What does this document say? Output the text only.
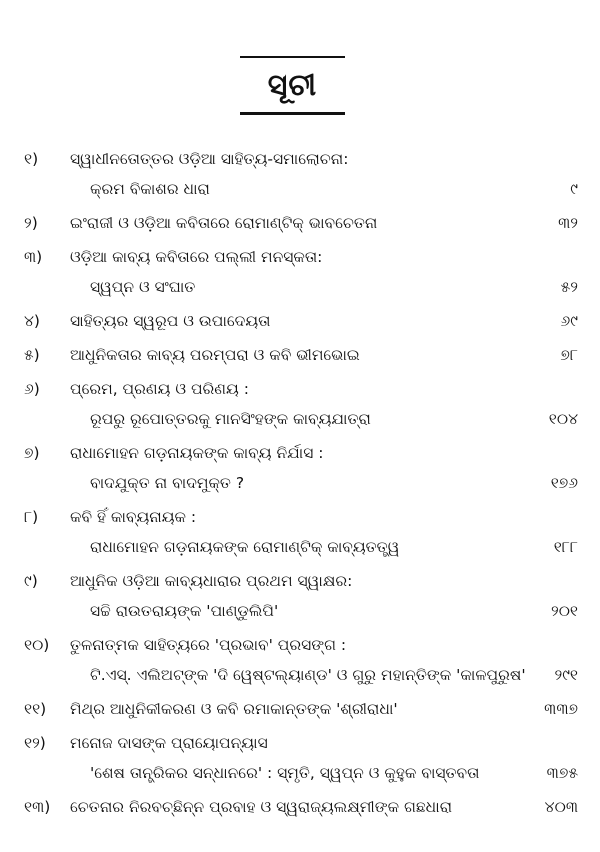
ସୂଚୀ
୧)	ସ୍ୱାଧୀନତୋତ୍ତର ଓଡ଼ିଆ ସାହିତ୍ୟ-ସମାଲୋଚନା:
କ୍ରମ ବିକାଶର ଧାରା	୯
୨)	ଇଂରାଜୀ ଓ ଓଡ଼ିଆ କବିତାରେ ରୋମାଣ୍ଟିକ୍ ଭାବଚେତନା	୩୨
୩)	ଓଡ଼ିଆ କାବ୍ୟ କବିତାରେ ପଲ୍ଲୀ ମନସ୍କତା:
ସ୍ୱପ୍ନ ଓ ସଂଘାତ	୫୨
୪)	ସାହିତ୍ୟର ସ୍ୱରୂପ ଓ ଉପାଦେୟତା	୬୯
୫)	ଆଧୁନିକତାର କାବ୍ୟ ପରମ୍ପରା ଓ କବି ଭୀମଭୋଇ	୭୮
୬)	ପ୍ରେମ, ପ୍ରଣୟ ଓ ପରିଣୟ :
ରୂପରୁ ରୂପୋତ୍ତରକୁ ମାନସିଂହଙ୍କ କାବ୍ୟଯାତ୍ରା	୧୦୪
୭)	ରାଧାମୋହନ ଗଡ଼ନାୟକଙ୍କ କାବ୍ୟ ନିର୍ଯାସ :
ବାଦଯୁକ୍ତ ନା ବାଦମୁକ୍ତ ?	୧୭୬
୮)	କବି ହିଁ କାବ୍ୟନାୟକ :
ରାଧାମୋହନ ଗଡ଼ନାୟକଙ୍କ ରୋମାଣ୍ଟିକ୍ କାବ୍ୟତତ୍ତ୍ୱ	୧୮୮
୯)	ଆଧୁନିକ ଓଡ଼ିଆ କାବ୍ୟଧାରାର ପ୍ରଥମ ସ୍ୱାକ୍ଷର:
ସଚ୍ଚି ରାଉତରାୟଙ୍କ 'ପାଣ୍ଡୁଲିପି'	୨୦୧
୧୦)	ତୁଳନାତ୍ମକ ସାହିତ୍ୟରେ 'ପ୍ରଭାବ' ପ୍ରସଙ୍ଗ :
ଟି.ଏସ୍. ଏଲିଅଟ୍‌ଙ୍କ 'ଦି ୱେଷ୍ଟଲ୍ୟାଣ୍ଡ' ଓ ଗୁରୁ ମହାନ୍ତିଙ୍କ 'କାଳପୁରୁଷ'	୨୯୧
୧୧)	ମିଥ୍‌ର ଆଧୁନିକୀକରଣ ଓ କବି ରମାକାନ୍ତଙ୍କ 'ଶ୍ରୀରାଧା'	୩୩୭
୧୨)	ମନୋଜ ଦାସଙ୍କ ପ୍ରାୟୋପନ୍ୟାସ
'ଶେଷ ତାନ୍ତ୍ରିକର ସନ୍ଧାନରେ' : ସ୍ମୃତି, ସ୍ୱପ୍ନ ଓ କୁହୁକ ବାସ୍ତବତା	୩୭୫
୧୩)	ଚେତନାର ନିରବଚ୍ଛିନ୍ନ ପ୍ରବାହ ଓ ସ୍ୱରାଜ୍ୟଲକ୍ଷ୍ମୀଙ୍କ ଗଛଧାରା	୪୦୩
